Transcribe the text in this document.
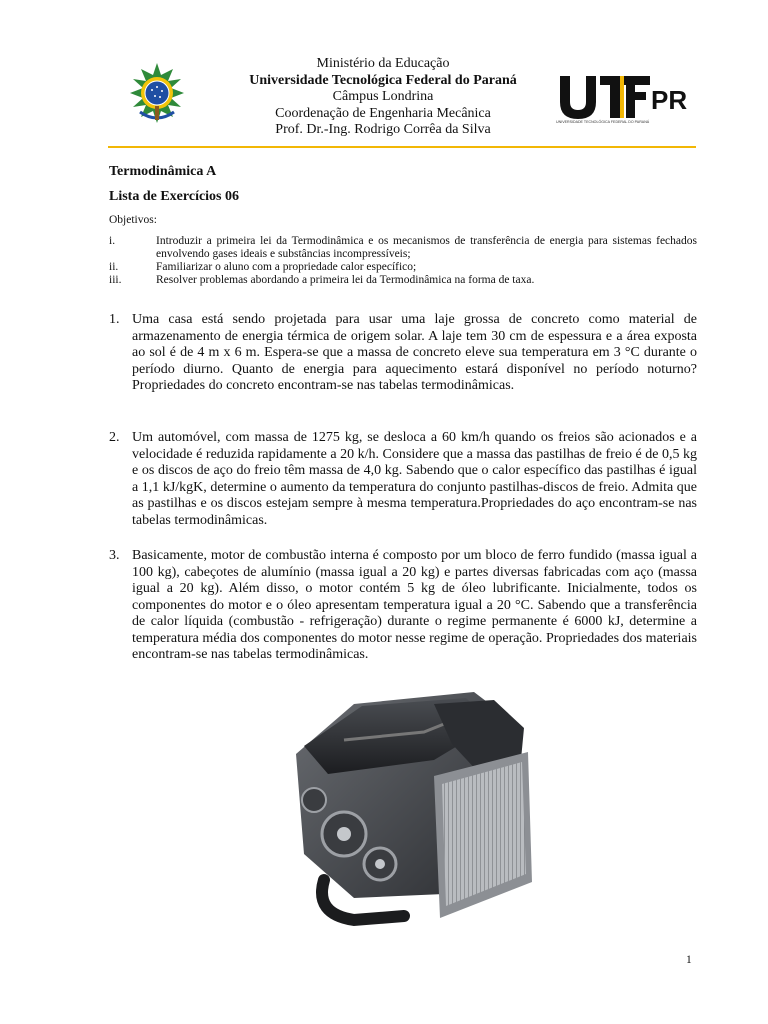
Ministério da Educação
Universidade Tecnológica Federal do Paraná
Câmpus Londrina
Coordenação de Engenharia Mecânica
Prof. Dr.-Ing. Rodrigo Corrêa da Silva
PR
UNIVERSIDADE TECNOLÓGICA FEDERAL DO PARANÁ
Termodinâmica A
Lista de Exercícios 06
Objetivos:
i.	Introduzir a primeira lei da Termodinâmica e os mecanismos de transferência de energia para sistemas fechados envolvendo gases ideais e substâncias incompressíveis;
ii.	Familiarizar o aluno com a propriedade calor específico;
iii.	Resolver problemas abordando a primeira lei da Termodinâmica na forma de taxa.
1. Uma casa está sendo projetada para usar uma laje grossa de concreto como material de armazenamento de energia térmica de origem solar. A laje tem 30 cm de espessura e a área exposta ao sol é de 4 m x 6 m. Espera-se que a massa de concreto eleve sua temperatura em 3 °C durante o período diurno. Quanto de energia para aquecimento estará disponível no período noturno? Propriedades do concreto encontram-se nas tabelas termodinâmicas.
2. Um automóvel, com massa de 1275 kg, se desloca a 60 km/h quando os freios são acionados e a velocidade é reduzida rapidamente a 20 k/h. Considere que a massa das pastilhas de freio é de 0,5 kg e os discos de aço do freio têm massa de 4,0 kg. Sabendo que o calor específico das pastilhas é igual a 1,1 kJ/kgK, determine o aumento da temperatura do conjunto pastilhas-discos de freio. Admita que as pastilhas e os discos estejam sempre à mesma temperatura.Propriedades do aço encontram-se nas tabelas termodinâmicas.
3. Basicamente, motor de combustão interna é composto por um bloco de ferro fundido (massa igual a 100 kg), cabeçotes de alumínio (massa igual a 20 kg) e partes diversas fabricadas com aço (massa igual a 20 kg). Além disso, o motor contém 5 kg de óleo lubrificante. Inicialmente, todos os componentes do motor e o óleo apresentam temperatura igual a 20 °C. Sabendo que a transferência de calor líquida (combustão - refrigeração) durante o regime permanente é 6000 kJ, determine a temperatura média dos componentes do motor nesse regime de operação. Propriedades dos materiais encontram-se nas tabelas termodinâmicas.
1
